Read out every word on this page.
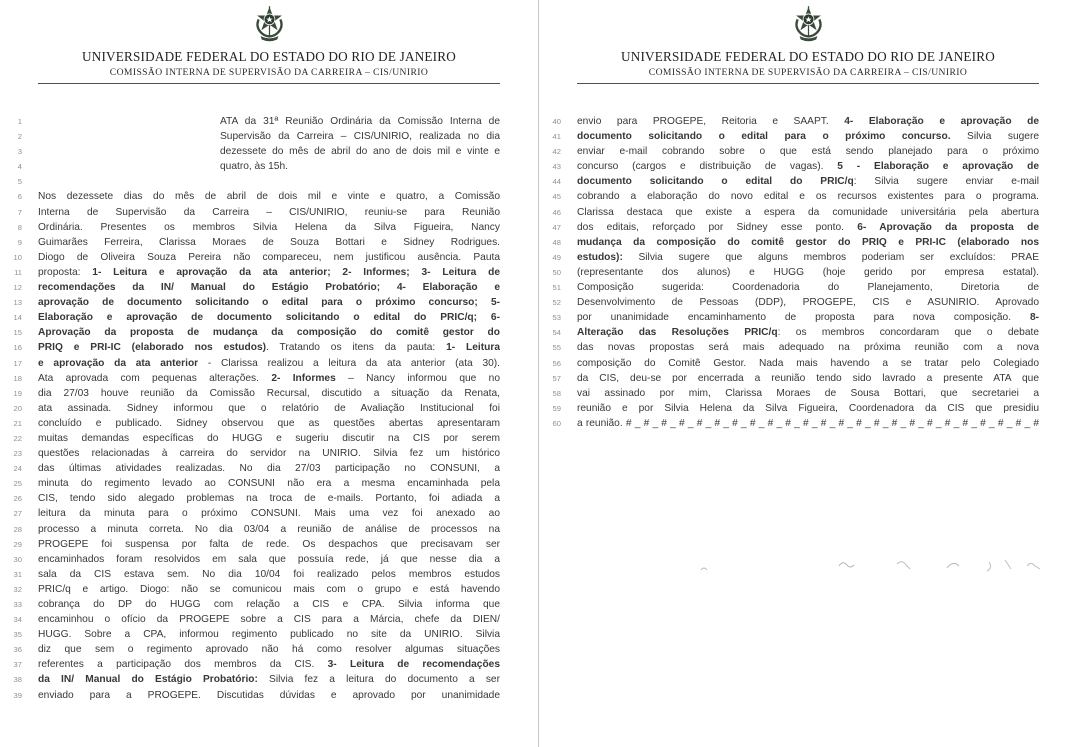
UNIVERSIDADE FEDERAL DO ESTADO DO RIO DE JANEIRO
COMISSÃO INTERNA DE SUPERVISÃO DA CARREIRA – CIS/UNIRIO
1	ATA da 31ª Reunião Ordinária da Comissão Interna de
2	Supervisão da Carreira – CIS/UNIRIO, realizada no dia
3	dezessete do mês de abril do ano de dois mil e vinte e
4	quatro, às 15h.
5
6 Nos dezessete dias do mês de abril de dois mil e vinte e quatro, a Comissão
7 Interna de Supervisão da Carreira – CIS/UNIRIO, reuniu-se para Reunião
8 Ordinária. Presentes os membros Silvia Helena da Silva Figueira, Nancy
9 Guimarães Ferreira, Clarissa Moraes de Souza Bottari e Sidney Rodrigues.
10 Diogo de Oliveira Souza Pereira não compareceu, nem justificou ausência. Pauta
11 proposta: 1- Leitura e aprovação da ata anterior; 2- Informes; 3- Leitura de
12 recomendações da IN/ Manual do Estágio Probatório; 4- Elaboração e
13 aprovação de documento solicitando o edital para o próximo concurso; 5-
14 Elaboração e aprovação de documento solicitando o edital do PRIC/q; 6-
15 Aprovação da proposta de mudança da composição do comitê gestor do
16 PRIQ e PRI-IC (elaborado nos estudos). Tratando os itens da pauta: 1- Leitura
17 e aprovação da ata anterior - Clarissa realizou a leitura da ata anterior (ata 30).
18 Ata aprovada com pequenas alterações. 2- Informes – Nancy informou que no
19 dia 27/03 houve reunião da Comissão Recursal, discutido a situação da Renata,
20 ata assinada. Sidney informou que o relatório de Avaliação Institucional foi
21 concluído e publicado. Sidney observou que as questões abertas apresentaram
22 muitas demandas específicas do HUGG e sugeriu discutir na CIS por serem
23 questões relacionadas à carreira do servidor na UNIRIO. Silvia fez um histórico
24 das últimas atividades realizadas. No dia 27/03 participação no CONSUNI, a
25 minuta do regimento levado ao CONSUNI não era a mesma encaminhada pela
26 CIS, tendo sido alegado problemas na troca de e-mails. Portanto, foi adiada a
27 leitura da minuta para o próximo CONSUNI. Mais uma vez foi anexado ao
28 processo a minuta correta. No dia 03/04 a reunião de análise de processos na
29 PROGEPE foi suspensa por falta de rede. Os despachos que precisavam ser
30 encaminhados foram resolvidos em sala que possuía rede, já que nesse dia a
31 sala da CIS estava sem. No dia 10/04 foi realizado pelos membros estudos
32 PRIC/q e artigo. Diogo: não se comunicou mais com o grupo e está havendo
33 cobrança do DP do HUGG com relação a CIS e CPA. Silvia informa que
34 encaminhou o ofício da PROGEPE sobre a CIS para a Márcia, chefe da DIEN/
35 HUGG. Sobre a CPA, informou regimento publicado no site da UNIRIO. Silvia
36 diz que sem o regimento aprovado não há como resolver algumas situações
37 referentes a participação dos membros da CIS. 3- Leitura de recomendações
38 da IN/ Manual do Estágio Probatório: Silvia fez a leitura do documento a ser
39 enviado para a PROGEPE. Discutidas dúvidas e aprovado por unanimidade
UNIVERSIDADE FEDERAL DO ESTADO DO RIO DE JANEIRO
COMISSÃO INTERNA DE SUPERVISÃO DA CARREIRA – CIS/UNIRIO
40 envio para PROGEPE, Reitoria e SAAPT. 4- Elaboração e aprovação de
41 documento solicitando o edital para o próximo concurso. Silvia sugere
42 enviar e-mail cobrando sobre o que está sendo planejado para o próximo
43 concurso (cargos e distribuição de vagas). 5 - Elaboração e aprovação de
44 documento solicitando o edital do PRIC/q: Silvia sugere enviar e-mail
45 cobrando a elaboração do novo edital e os recursos existentes para o programa.
46 Clarissa destaca que existe a espera da comunidade universitária pela abertura
47 dos editais, reforçado por Sidney esse ponto. 6- Aprovação da proposta de
48 mudança da composição do comitê gestor do PRIQ e PRI-IC (elaborado nos
49 estudos): Silvia sugere que alguns membros poderiam ser excluídos: PRAE
50 (representante dos alunos) e HUGG (hoje gerido por empresa estatal).
51 Composição sugerida: Coordenadoria do Planejamento, Diretoria de
52 Desenvolvimento de Pessoas (DDP), PROGEPE, CIS e ASUNIRIO. Aprovado
53 por unanimidade encaminhamento de proposta para nova composição. 8-
54 Alteração das Resoluções PRIC/q: os membros concordaram que o debate
55 das novas propostas será mais adequado na próxima reunião com a nova
56 composição do Comitê Gestor. Nada mais havendo a se tratar pelo Colegiado
57 da CIS, deu-se por encerrada a reunião tendo sido lavrado a presente ATA que
58 vai assinado por mim, Clarissa Moraes de Sousa Bottari, que secretariei a
59 reunião e por Silvia Helena da Silva Figueira, Coordenadora da CIS que presidiu
60 a reunião. # _ # _ # _ # _ # _ # _ # _ # _ # _ # _ # _ # _ # _ # _ # _ # _ # _ # _ # _ # _ # _ # _ # _ #
